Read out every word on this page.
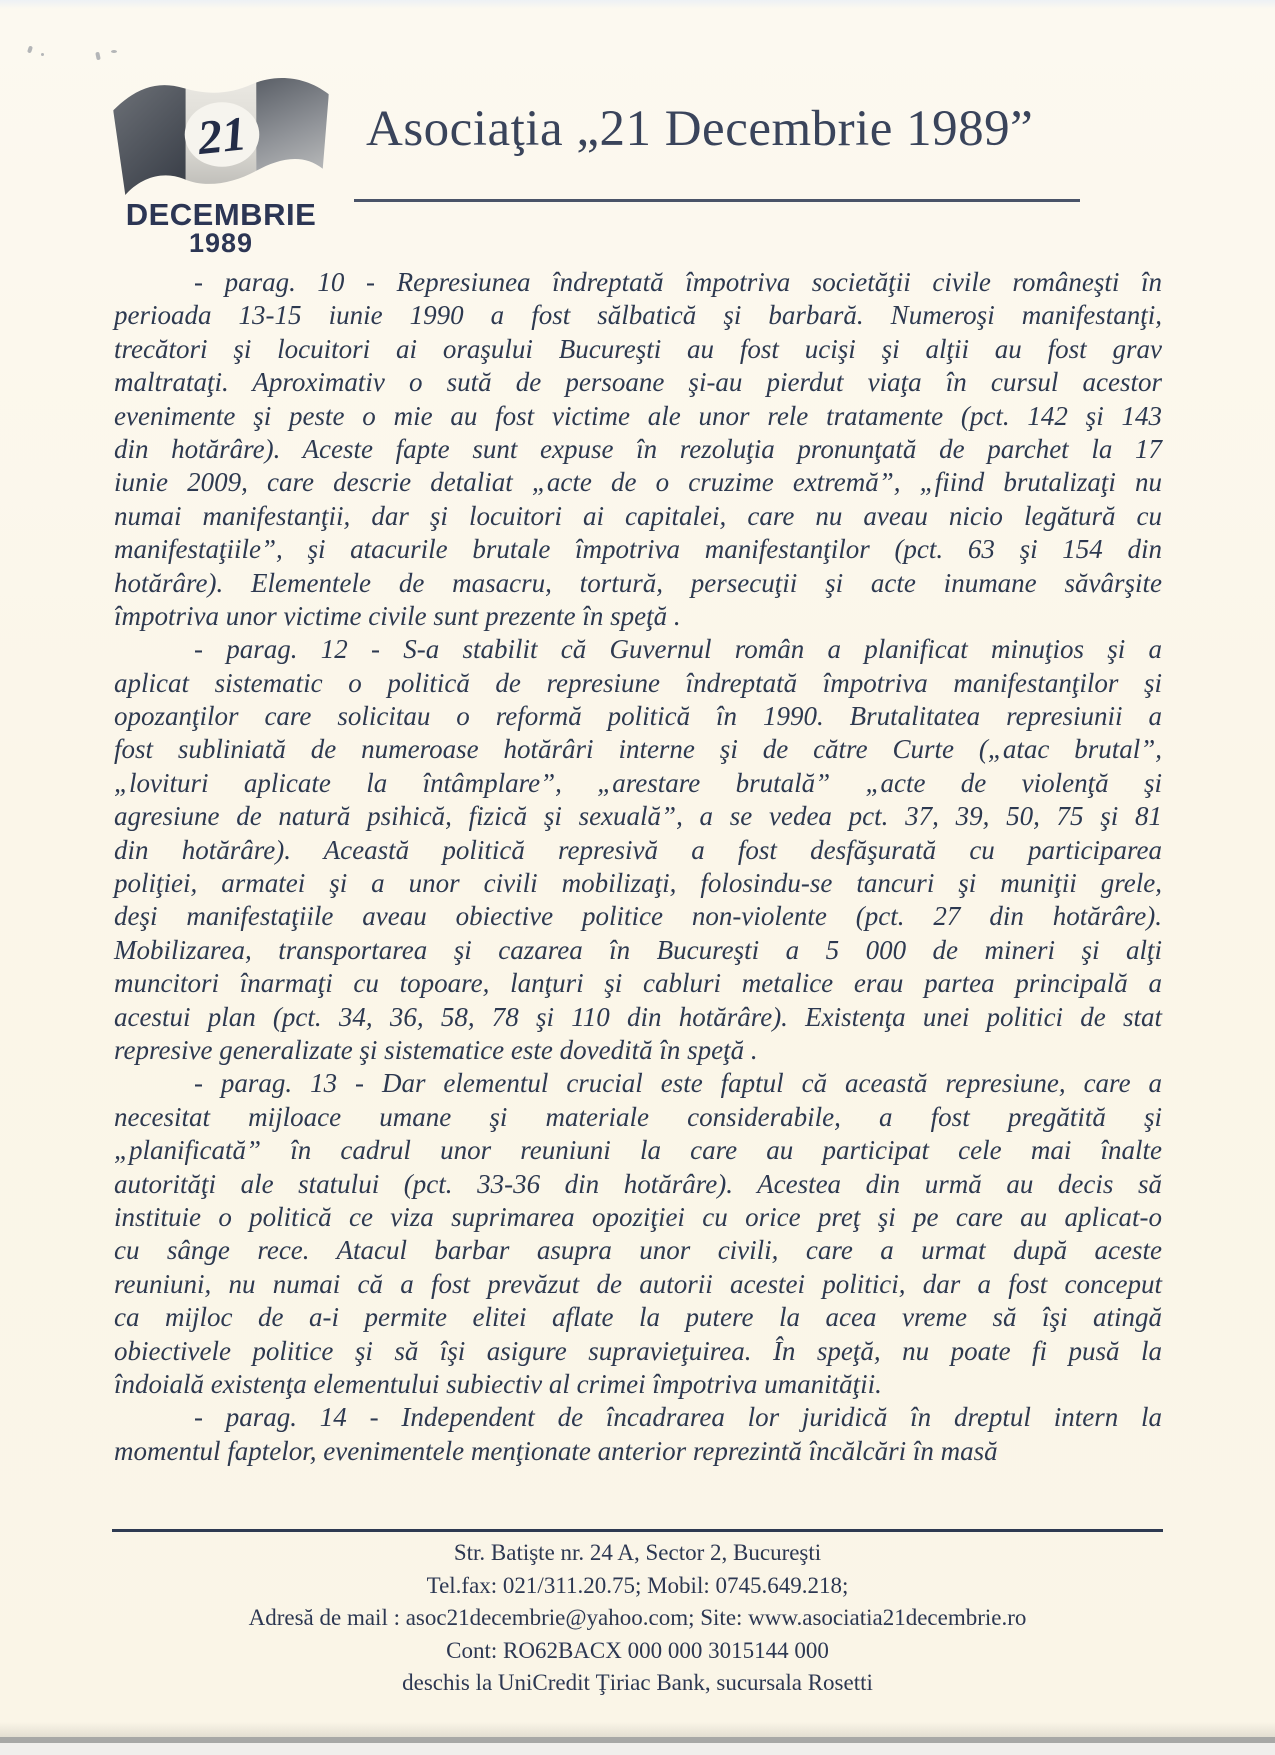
21
DECEMBRIE
1989
Asociaţia „21 Decembrie 1989”
- parag. 10 - Represiunea îndreptată împotriva societăţii civile româneşti în
perioada 13-15 iunie 1990 a fost sălbatică şi barbară. Numeroşi manifestanţi,
trecători şi locuitori ai oraşului Bucureşti au fost ucişi şi alţii au fost grav
maltrataţi. Aproximativ o sută de persoane şi-au pierdut viaţa în cursul acestor
evenimente şi peste o mie au fost victime ale unor rele tratamente (pct. 142 şi 143
din hotărâre). Aceste fapte sunt expuse în rezoluţia pronunţată de parchet la 17
iunie 2009, care descrie detaliat „acte de o cruzime extremă”, „fiind brutalizaţi nu
numai manifestanţii, dar şi locuitori ai capitalei, care nu aveau nicio legătură cu
manifestaţiile”, şi atacurile brutale împotriva manifestanţilor (pct. 63 şi 154 din
hotărâre). Elementele de masacru, tortură, persecuţii şi acte inumane săvârşite
împotriva unor victime civile sunt prezente în speţă .
- parag. 12 - S-a stabilit că Guvernul român a planificat minuţios şi a
aplicat sistematic o politică de represiune îndreptată împotriva manifestanţilor şi
opozanţilor care solicitau o reformă politică în 1990. Brutalitatea represiunii a
fost subliniată de numeroase hotărâri interne şi de către Curte („atac brutal”,
„lovituri aplicate la întâmplare”, „arestare brutală” „acte de violenţă şi
agresiune de natură psihică, fizică şi sexuală”, a se vedea pct. 37, 39, 50, 75 şi 81
din hotărâre). Această politică represivă a fost desfăşurată cu participarea
poliţiei, armatei şi a unor civili mobilizaţi, folosindu-se tancuri şi muniţii grele,
deşi manifestaţiile aveau obiective politice non-violente (pct. 27 din hotărâre).
Mobilizarea, transportarea şi cazarea în Bucureşti a 5 000 de mineri şi alţi
muncitori înarmaţi cu topoare, lanţuri şi cabluri metalice erau partea principală a
acestui plan (pct. 34, 36, 58, 78 şi 110 din hotărâre). Existenţa unei politici de stat
represive generalizate şi sistematice este dovedită în speţă .
- parag. 13 - Dar elementul crucial este faptul că această represiune, care a
necesitat mijloace umane şi materiale considerabile, a fost pregătită şi
„planificată” în cadrul unor reuniuni la care au participat cele mai înalte
autorităţi ale statului (pct. 33-36 din hotărâre). Acestea din urmă au decis să
instituie o politică ce viza suprimarea opoziţiei cu orice preţ şi pe care au aplicat-o
cu sânge rece. Atacul barbar asupra unor civili, care a urmat după aceste
reuniuni, nu numai că a fost prevăzut de autorii acestei politici, dar a fost conceput
ca mijloc de a-i permite elitei aflate la putere la acea vreme să îşi atingă
obiectivele politice şi să îşi asigure supravieţuirea. În speţă, nu poate fi pusă la
îndoială existenţa elementului subiectiv al crimei împotriva umanităţii.
- parag. 14 - Independent de încadrarea lor juridică în dreptul intern la
momentul faptelor, evenimentele menţionate anterior reprezintă încălcări în masă
Str. Batişte nr. 24 A, Sector 2, Bucureşti
Tel.fax: 021/311.20.75; Mobil: 0745.649.218;
Adresă de mail : asoc21decembrie@yahoo.com; Site: www.asociatia21decembrie.ro
Cont: RO62BACX 000 000 3015144 000
deschis la UniCredit Ţiriac Bank, sucursala Rosetti
